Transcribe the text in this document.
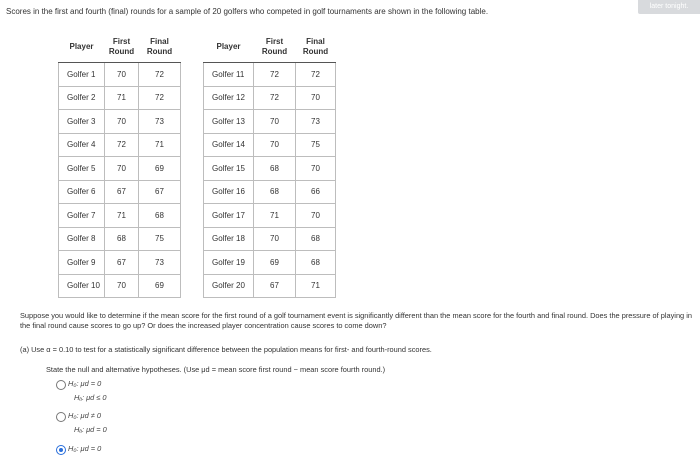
Scores in the first and fourth (final) rounds for a sample of 20 golfers who competed in golf tournaments are shown in the following table.
later tonight.
Player	First Round	Final Round
Golfer 1	70	72
Golfer 2	71	72
Golfer 3	70	73
Golfer 4	72	71
Golfer 5	70	69
Golfer 6	67	67
Golfer 7	71	68
Golfer 8	68	75
Golfer 9	67	73
Golfer 10	70	69
Player	First Round	Final Round
Golfer 11	72	72
Golfer 12	72	70
Golfer 13	70	73
Golfer 14	70	75
Golfer 15	68	70
Golfer 16	68	66
Golfer 17	71	70
Golfer 18	70	68
Golfer 19	69	68
Golfer 20	67	71
Suppose you would like to determine if the mean score for the first round of a golf tournament event is significantly different than the mean score for the fourth and final round. Does the pressure of playing in the final round cause scores to go up? Or does the increased player concentration cause scores to come down?
(a) Use α = 0.10 to test for a statistically significant difference between the population means for first- and fourth-round scores.
State the null and alternative hypotheses. (Use μd = mean score first round − mean score fourth round.)
H₀: μd = 0
Hₐ: μd ≤ 0
H₀: μd ≠ 0
Hₐ: μd = 0
H₀: μd = 0
